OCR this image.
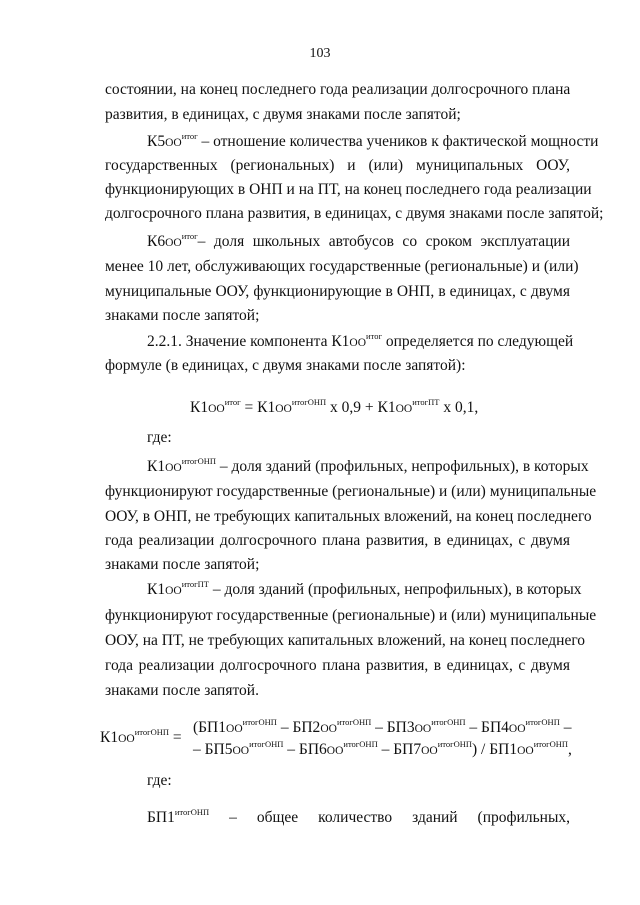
103
состоянии, на конец последнего года реализации долгосрочного плана
развития, в единицах, с двумя знаками после запятой;
$К5ОО^{итог}$ – отношение количества учеников к фактической мощности
государственных (региональных) и (или) муниципальных ООУ,
функционирующих в ОНП и на ПТ, на конец последнего года реализации
долгосрочного плана развития, в единицах, с двумя знаками после запятой;
$К6ОО^{итог}-$ доля школьных автобусов со сроком эксплуатации
менее 10 лет, обслуживающих государственные (региональные) и (или)
муниципальные ООУ, функционирующие в ОНП, в единицах, с двумя
знаками после запятой;
2.2.1. Значение компонента $К1ОО^{итог}$ определяется по следующей
формуле (в единицах, с двумя знаками после запятой):
$К1ОО^{итог} = К1ОО^{итогОНП}$ х $0,9 + К1ОО^{итогПТ}$ х 0,1,
где:
$К1ОО^{итогОНП}$ – доля зданий (профильных, непрофильных), в которых
функционируют государственные (региональные) и (или) муниципальные
ООУ, в ОНП, не требующих капитальных вложений, на конец последнего
года реализации долгосрочного плана развития, в единицах, с двумя
знаками после запятой;
$К1ОО^{итогПТ}$ – доля зданий (профильных, непрофильных), в которых
функционируют государственные (региональные) и (или) муниципальные
ООУ, на ПТ, не требующих капитальных вложений, на конец последнего
года реализации долгосрочного плана развития, в единицах, с двумя
знаками после запятой.
$К1ОО^{итогОНП}$ =
($БП1ОО^{итогОНП} - БП2ОО^{итогОНП} - БП3ОО^{итогОНП} - БП4ОО^{итогОНП}$ –
– $БП5ОО^{итогОНП} - БП6ОО^{итогОНП} - БП7ОО^{итогОНП}) / БП1ОО^{итогОНП}$,
где:
$БП1^{итогОНП}$ – общее количество зданий (профильных,
